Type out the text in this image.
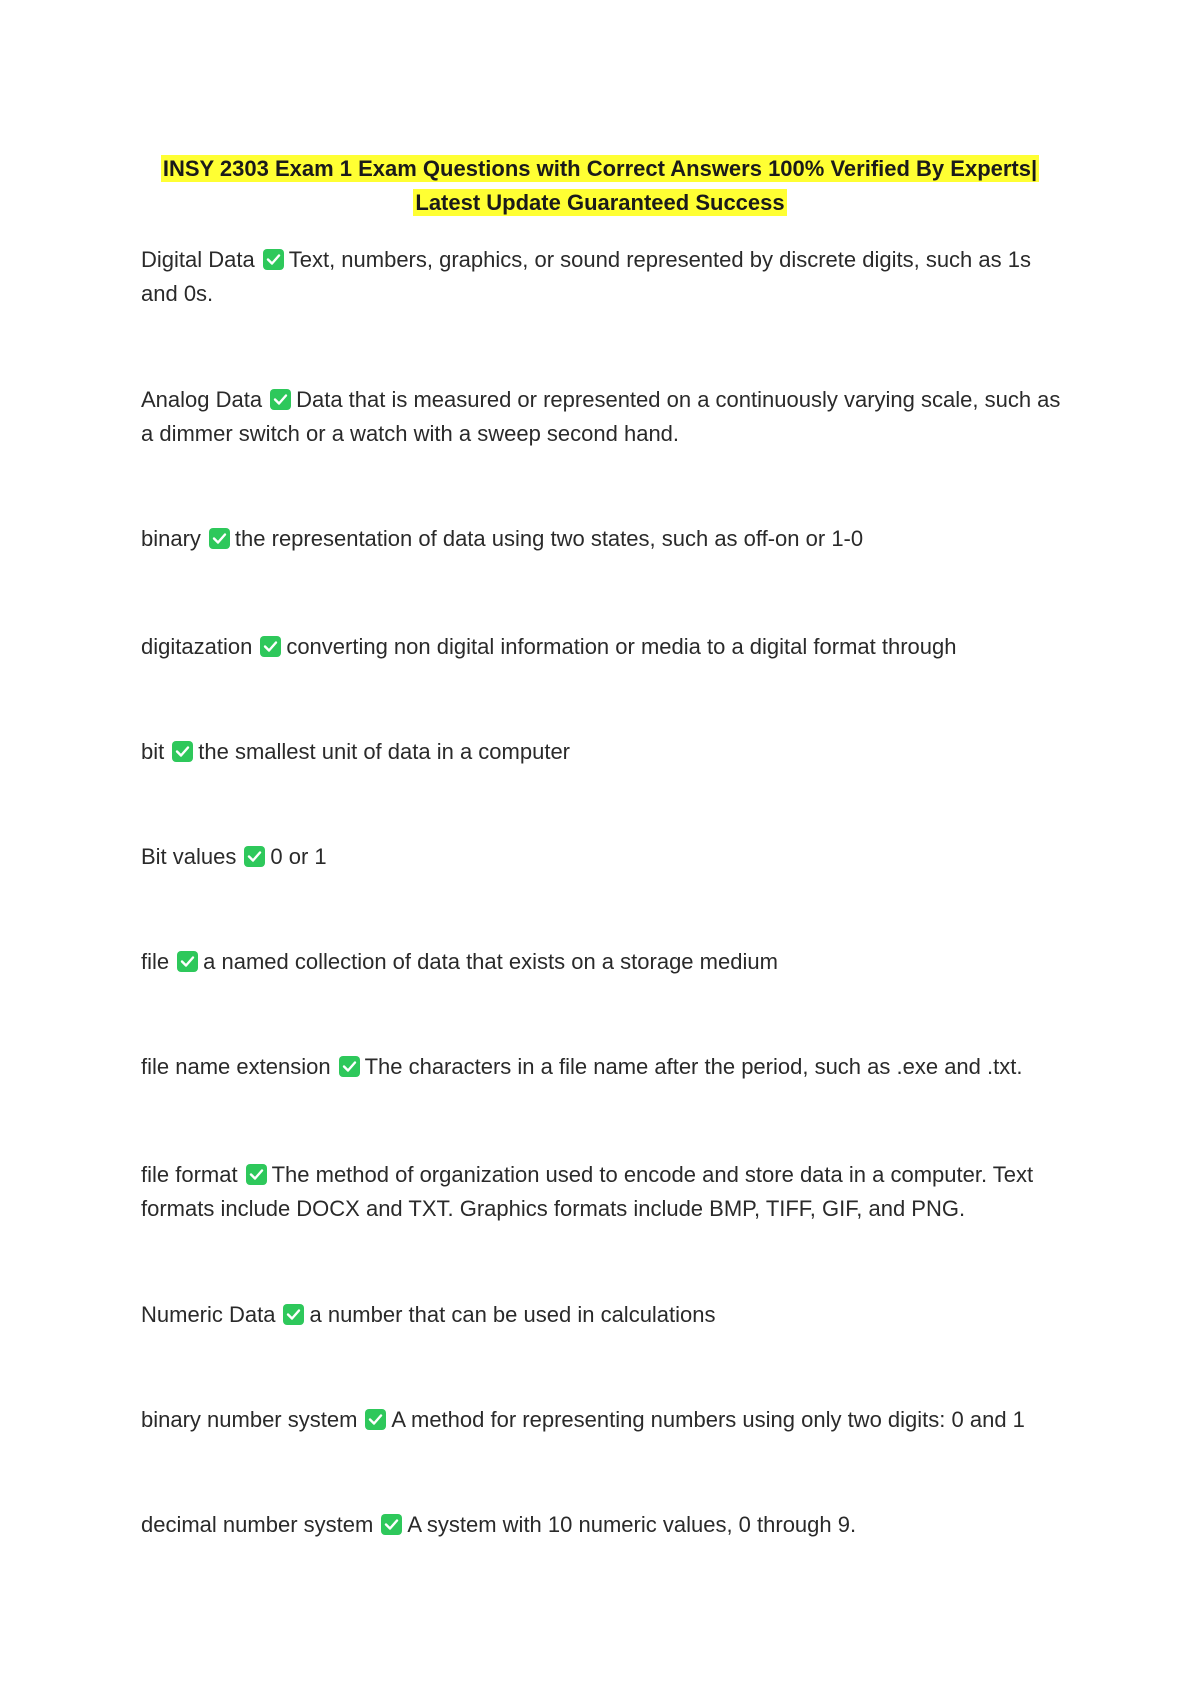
INSY 2303 Exam 1 Exam Questions with Correct Answers 100% Verified By Experts| Latest Update Guaranteed Success
Digital Data Text, numbers, graphics, or sound represented by discrete digits, such as 1s and 0s.
Analog Data Data that is measured or represented on a continuously varying scale, such as a dimmer switch or a watch with a sweep second hand.
binary the representation of data using two states, such as off-on or 1-0
digitazation converting non digital information or media to a digital format through
bit the smallest unit of data in a computer
Bit values 0 or 1
file a named collection of data that exists on a storage medium
file name extension The characters in a file name after the period, such as .exe and .txt.
file format The method of organization used to encode and store data in a computer. Text formats include DOCX and TXT. Graphics formats include BMP, TIFF, GIF, and PNG.
Numeric Data a number that can be used in calculations
binary number system A method for representing numbers using only two digits: 0 and 1
decimal number system A system with 10 numeric values, 0 through 9.
